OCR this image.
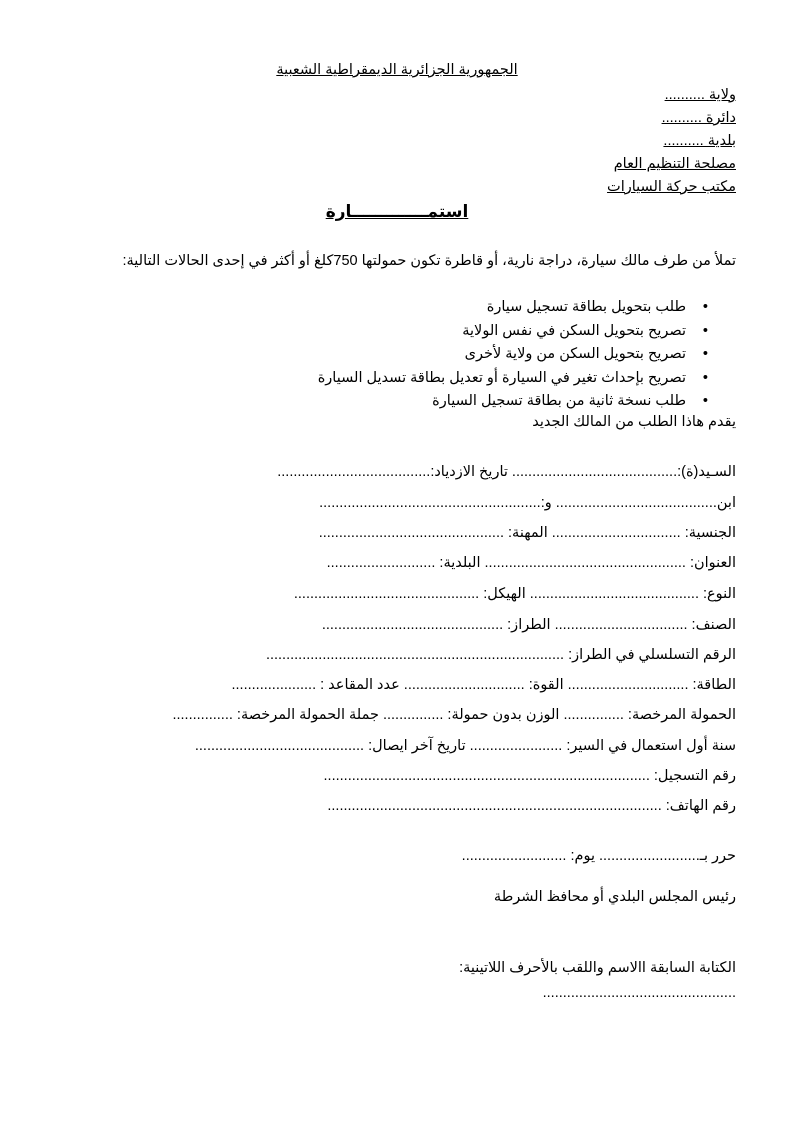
الجمهورية الجزائرية الديمقراطية الشعبية
ولاية ..........
دائرة ..........
بلدية ..........
مصلحة التنظيم العام
مكتب حركة السيارات
استمـــــــــــــارة
تملأ من طرف مالك سيارة، دراجة نارية، أو قاطرة تكون حمولتها 750كلغ أو أكثر في إحدى الحالات التالية:
• طلب بتحويل بطاقة تسجيل سيارة
• تصريح بتحويل السكن في نفس الولاية
• تصريح بتحويل السكن من ولاية لأخرى
• تصريح بإحداث تغير في السيارة أو تعديل بطاقة تسديل السيارة
• طلب نسخة ثانية من بطاقة تسجيل السيارة
يقدم هاذا الطلب من المالك الجديد
السـيد(ة):......................................... تاريخ الازدياد:......................................
ابن........................................ و:.......................................................
الجنسية: ................................ المهنة: ..............................................
العنوان: .................................................. البلدية: ...........................
النوع: .......................................... الهيكل: ..............................................
الصنف: ................................. الطراز: .............................................
الرقم التسلسلي في الطراز: ..........................................................................
الطاقة: .............................. القوة: .............................. عدد المقاعد : .....................
الحمولة المرخصة: ............... الوزن بدون حمولة: ............... جملة الحمولة المرخصة: ...............
سنة أول استعمال في السير: ....................... تاريخ آخر ايصال: ..........................................
رقم التسجيل: .................................................................................
رقم الهاتف: ...................................................................................
حرر بـ......................... يوم: ..........................
رئيس المجلس البلدي أو محافظ الشرطة
الكتابة السابقة االاسم واللقب بالأحرف اللاتينية:
................................................
